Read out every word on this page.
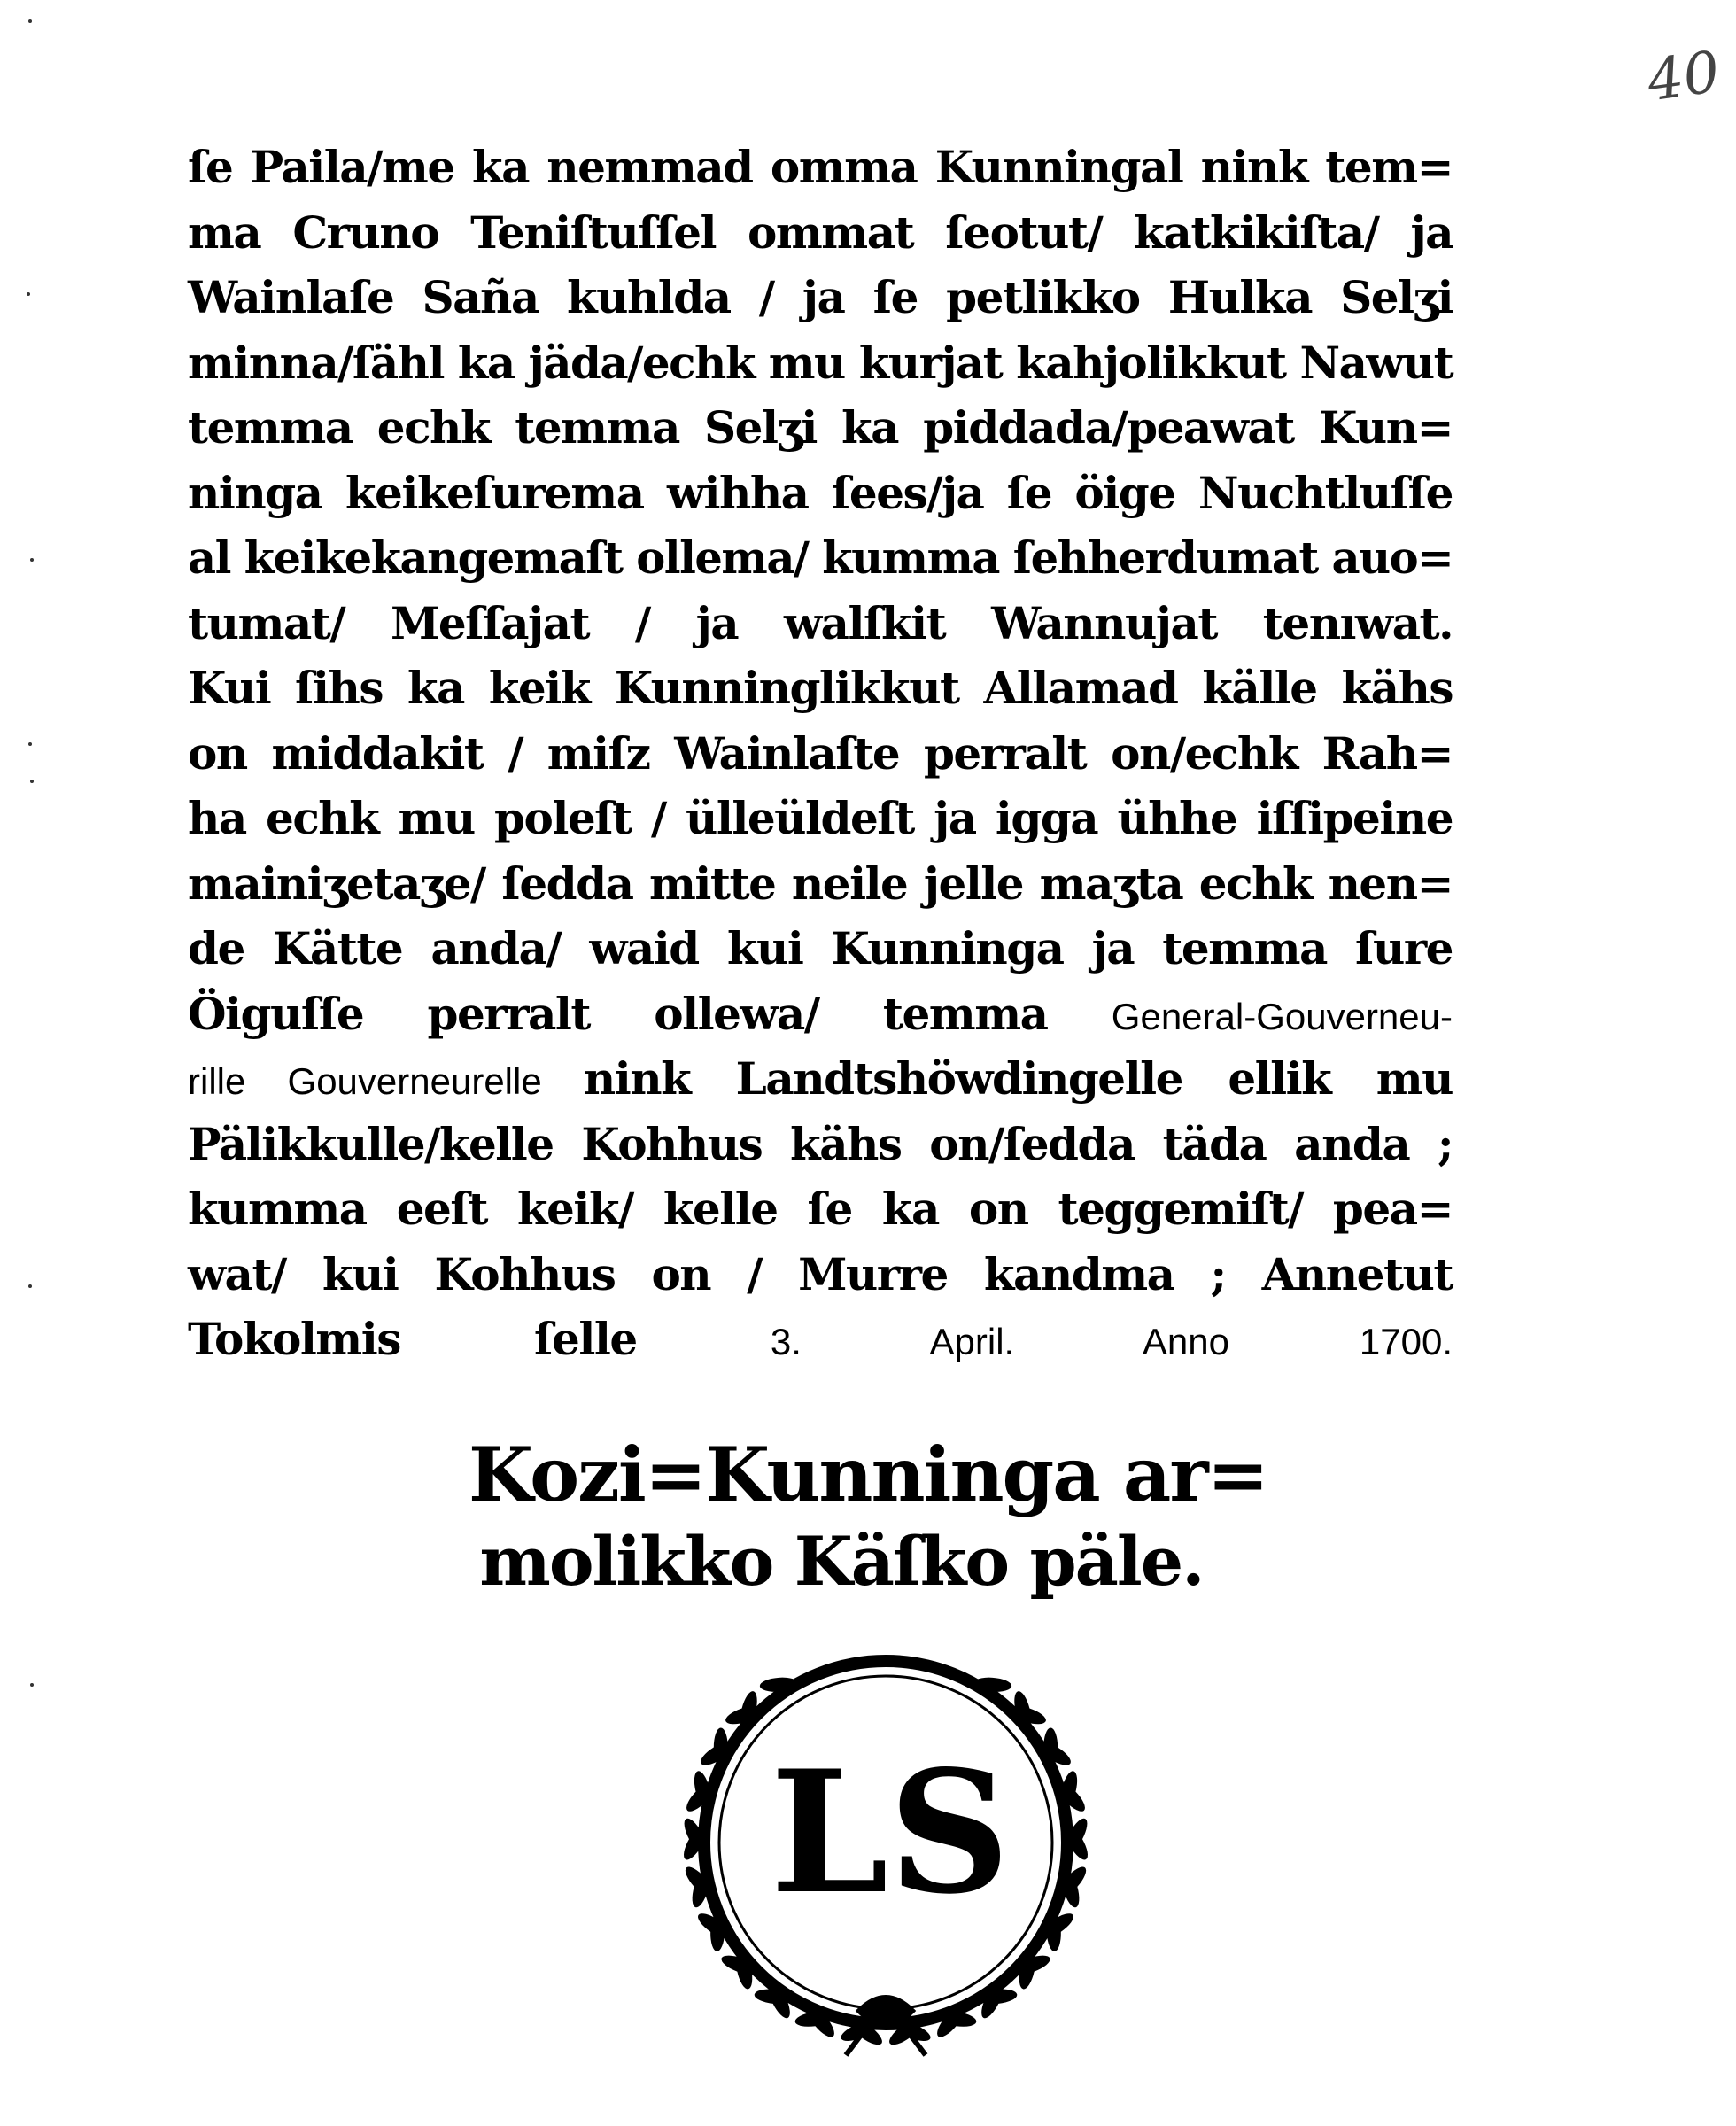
40
ſe Paila/me ka nemmad omma Kunningal nink tem=
ma Cruno Teniſtuſſel ommat ſeotut/ katkikiſta/ ja
Wainlaſe Saña kuhlda / ja ſe petlikko Hulka Selʒi
minna/ſähl ka jäda/echk mu kurjat kahjolikkut Nawut
temma echk temma Selʒi ka piddada/peawat Kun=
ninga keikeſurema wihha ſees/ja ſe öige Nuchtluſſe
al keikekangemaſt ollema/ kumma ſehherdumat auo=
tumat/ Meſſajat / ja walſkit Wannujat tenıwat.
Kui ſihs ka keik Kunninglikkut Allamad källe kähs
on middakit / miſz Wainlaſte perralt on/echk Rah=
ha echk mu poleſt / ülleüldeſt ja igga ühhe iſſipeine
mainiʒetaʒe/ ſedda mitte neile jelle maʒta echk nen=
de Kätte anda/ waid kui Kunninga ja temma ſure
Öiguſſe perralt ollewa/ temma General-Gouverneu-
rille Gouverneurelle nink Landtshöwdingelle ellik mu
Pälikkulle/kelle Kohhus kähs on/ſedda täda anda ;
kumma eeſt keik/ kelle ſe ka on teggemiſt/ pea=
wat/ kui Kohhus on / Murre kandma ; Annetut
Tokolmis ſelle 3. April. Anno 1700.
Kozi=Kunninga ar=
molikko Käſko päle.
LS
